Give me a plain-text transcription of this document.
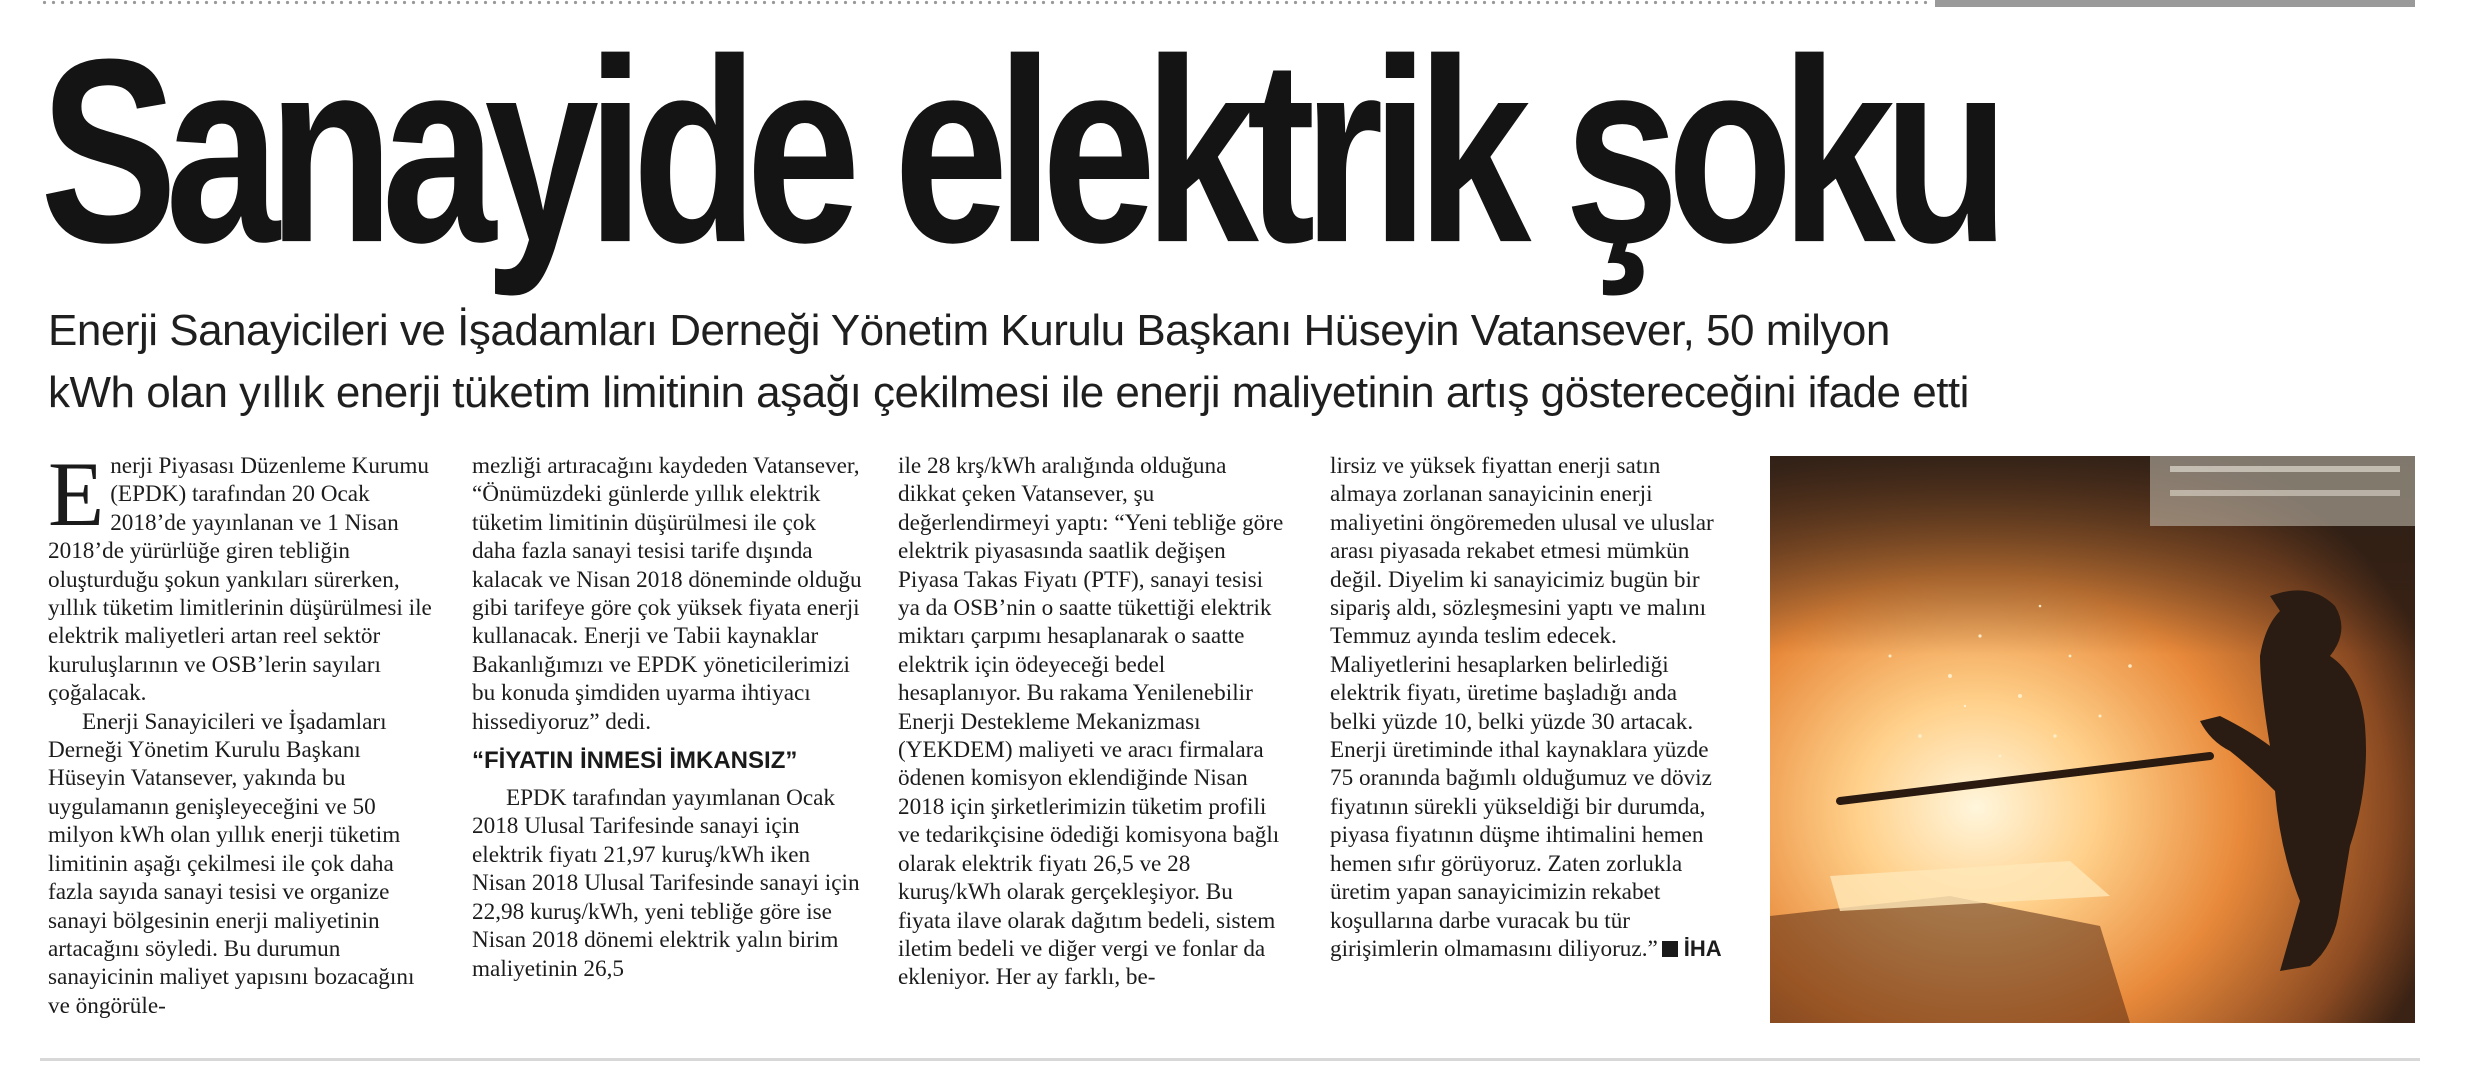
Sanayide elektrik şoku
Enerji Sanayicileri ve İşadamları Derneği Yönetim Kurulu Başkanı Hüseyin Vatansever, 50 milyon
kWh olan yıllık enerji tüketim limitinin aşağı çekilmesi ile enerji maliyetinin artış göstereceğini ifade etti
E nerji Piyasası Düzenleme Kurumu (EPDK) tarafından 20 Ocak 2018’de yayınlanan ve 1 Nisan 2018’de yürürlüğe giren tebliğin oluşturduğu şokun yankıları sürerken, yıllık tüketim limitlerinin düşürülmesi ile elektrik maliyetleri artan reel sektör kuruluşlarının ve OSB’lerin sayıları çoğalacak.

Enerji Sanayicileri ve İşadamları Derneği Yönetim Kurulu Başkanı Hüseyin Vatansever, yakında bu uygulamanın genişleyeceğini ve 50 milyon kWh olan yıllık enerji tüketim limitinin aşağı çekilmesi ile çok daha fazla sayıda sanayi tesisi ve organize sanayi bölgesinin enerji maliyetinin artacağını söyledi. Bu durumun sanayicinin maliyet yapısını bozacağını ve öngörüle-

mezliği artıracağını kaydeden Vatansever, “Önümüzdeki günlerde yıllık elektrik tüketim limitinin düşürülmesi ile çok daha fazla sanayi tesisi tarife dışında kalacak ve Nisan 2018 döneminde olduğu gibi tarifeye göre çok yüksek fiyata enerji kullanacak. Enerji ve Tabii kaynaklar Bakanlığımızı ve EPDK yöneticilerimizi bu konuda şimdiden uyarma ihtiyacı hissediyoruz” dedi.

“FİYATIN İNMESİ İMKANSIZ”

EPDK tarafından yayımlanan Ocak 2018 Ulusal Tarifesinde sanayi için elektrik fiyatı 21,97 kuruş/kWh iken Nisan 2018 Ulusal Tarifesinde sanayi için 22,98 kuruş/kWh, yeni tebliğe göre ise Nisan 2018 dönemi elektrik yalın birim maliyetinin 26,5

ile 28 krş/kWh aralığında olduğuna dikkat çeken Vatansever, şu değerlendirmeyi yaptı: “Yeni tebliğe göre elektrik piyasasında saatlik değişen Piyasa Takas Fiyatı (PTF), sanayi tesisi ya da OSB’nin o saatte tükettiği elektrik miktarı çarpımı hesaplanarak o saatte elektrik için ödeyeceği bedel hesaplanıyor. Bu rakama Yenilenebilir Enerji Destekleme Mekanizması (YEKDEM) maliyeti ve aracı firmalara ödenen komisyon eklendiğinde Nisan 2018 için şirketlerimizin tüketim profili ve tedarikçisine ödediği komisyona bağlı olarak elektrik fiyatı 26,5 ve 28 kuruş/kWh olarak gerçekleşiyor. Bu fiyata ilave olarak dağıtım bedeli, sistem iletim bedeli ve diğer vergi ve fonlar da ekleniyor. Her ay farklı, be-

lirsiz ve yüksek fiyattan enerji satın almaya zorlanan sanayicinin enerji maliyetini öngöremeden ulusal ve uluslar arası piyasada rekabet etmesi mümkün değil. Diyelim ki sanayicimiz bugün bir sipariş aldı, sözleşmesini yaptı ve malını Temmuz ayında teslim edecek. Maliyetlerini hesaplarken belirlediği elektrik fiyatı, üretime başladığı anda belki yüzde 10, belki yüzde 30 artacak. Enerji üretiminde ithal kaynaklara yüzde 75 oranında bağımlı olduğumuz ve döviz fiyatının sürekli yükseldiği bir durumda, piyasa fiyatının düşme ihtimalini hemen hemen sıfır görüyoruz. Zaten zorlukla üretim yapan sanayicimizin rekabet koşullarına darbe vuracak bu tür girişimlerin olmamasını diliyoruz.” İHA
